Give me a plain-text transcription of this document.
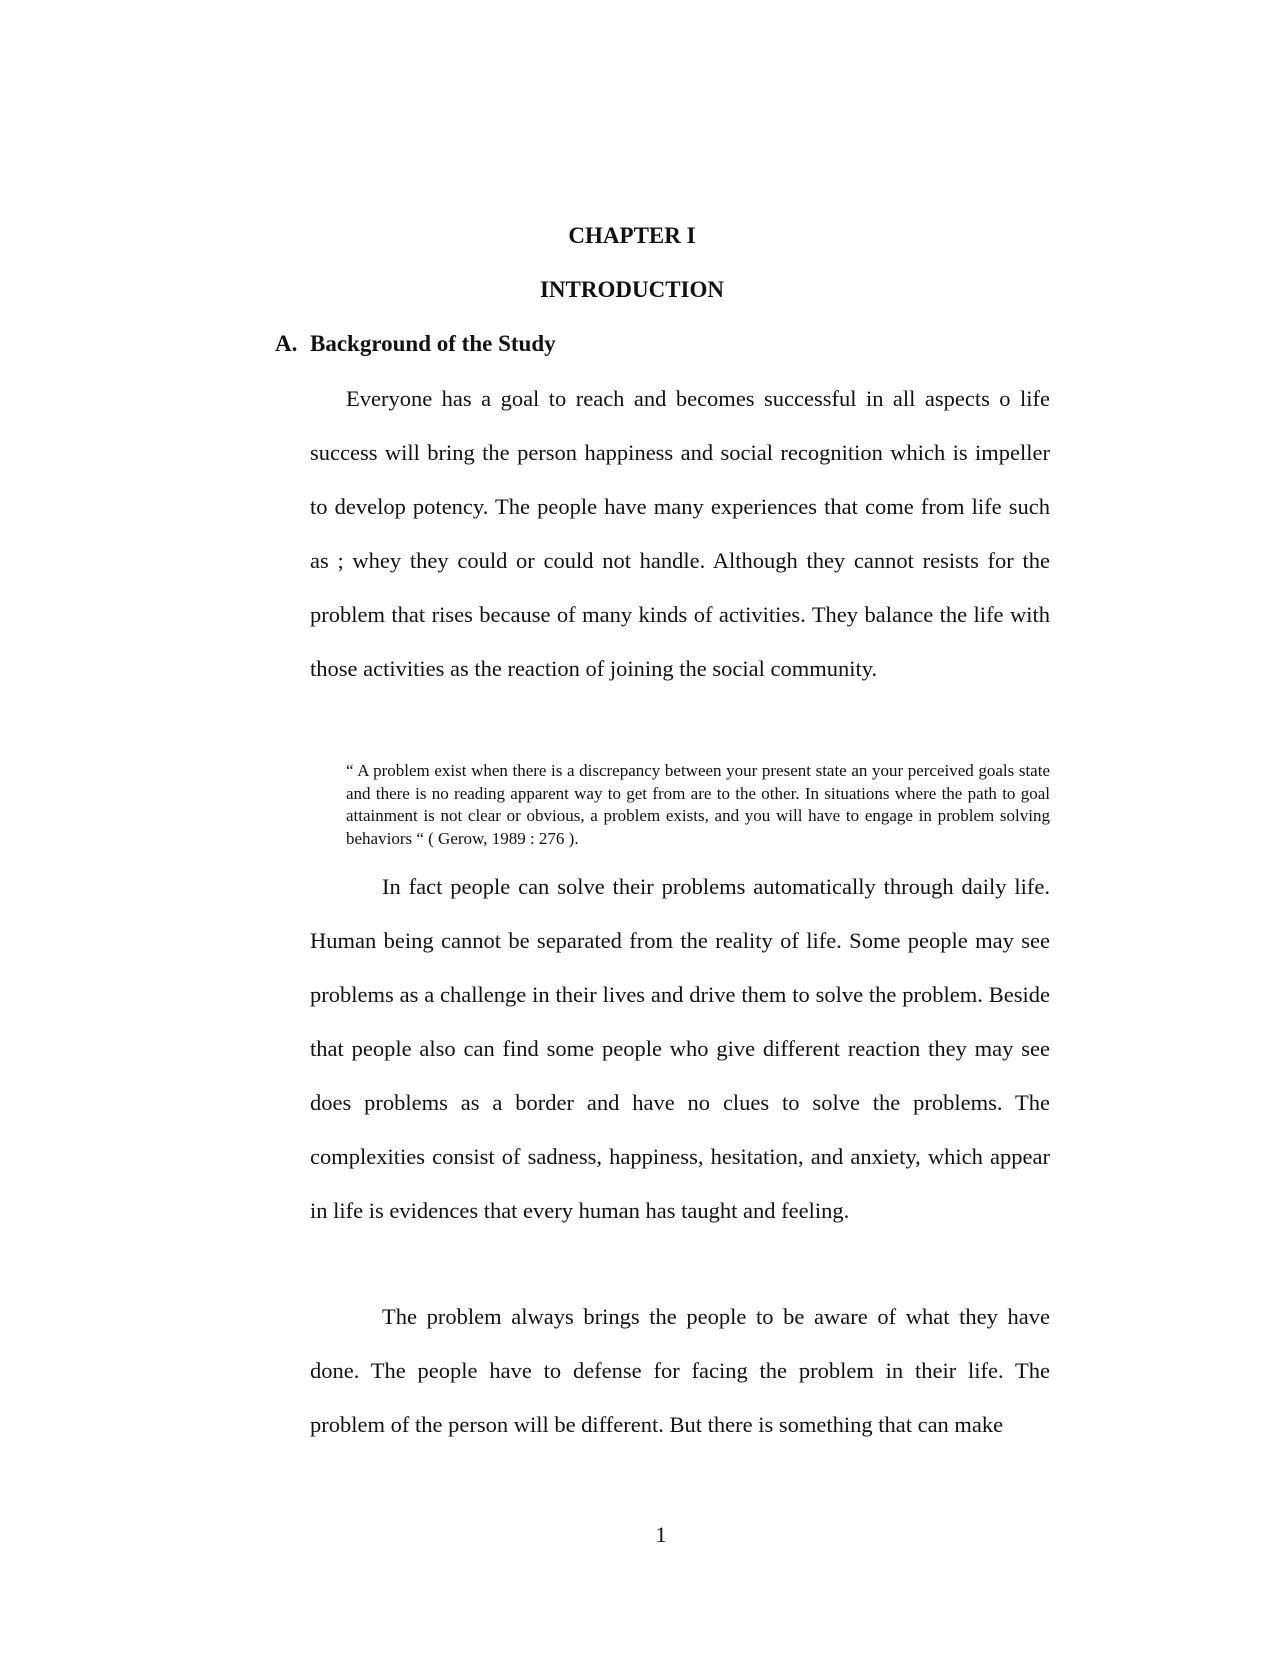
CHAPTER I
INTRODUCTION
A. Background of the Study

Everyone has a goal to reach and becomes successful in all aspects o life success will bring the person happiness and social recognition which is impeller to develop potency. The people have many experiences that come from life such as ; whey they could or could not handle. Although they cannot resists for the problem that rises because of many kinds of activities. They balance the life with those activities as the reaction of joining the social community.

“ A problem exist when there is a discrepancy between your present state an your perceived goals state and there is no reading apparent way to get from are to the other. In situations where the path to goal attainment is not clear or obvious, a problem exists, and you will have to engage in problem solving behaviors “ ( Gerow, 1989 : 276 ).

In fact people can solve their problems automatically through daily life. Human being cannot be separated from the reality of life. Some people may see problems as a challenge in their lives and drive them to solve the problem. Beside that people also can find some people who give different reaction they may see does problems as a border and have no clues to solve the problems. The complexities consist of sadness, happiness, hesitation, and anxiety, which appear in life is evidences that every human has taught and feeling.

The problem always brings the people to be aware of what they have done. The people have to defense for facing the problem in their life. The problem of the person will be different. But there is something that can make

1
